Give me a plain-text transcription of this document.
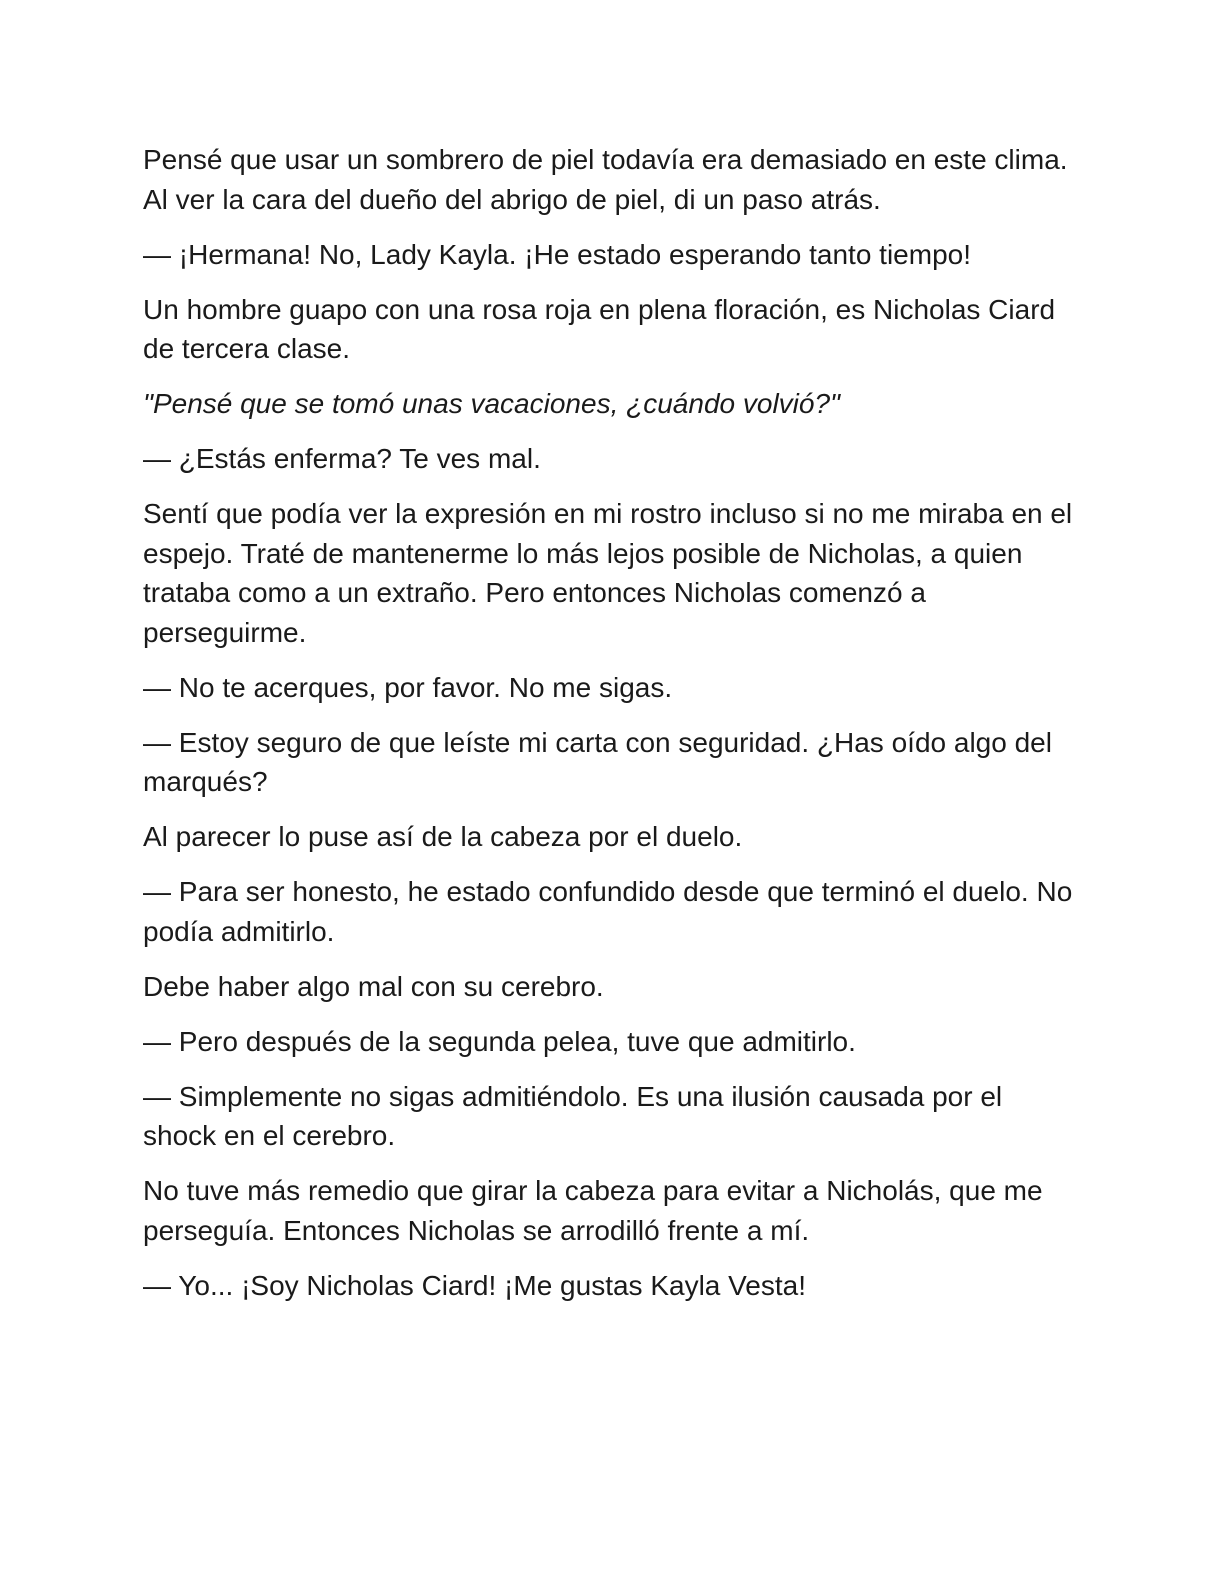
Pensé que usar un sombrero de piel todavía era demasiado en este clima. Al ver la cara del dueño del abrigo de piel, di un paso atrás.

— ¡Hermana! No, Lady Kayla. ¡He estado esperando tanto tiempo!

Un hombre guapo con una rosa roja en plena floración, es Nicholas Ciard de tercera clase.

"Pensé que se tomó unas vacaciones, ¿cuándo volvió?"

— ¿Estás enferma? Te ves mal.

Sentí que podía ver la expresión en mi rostro incluso si no me miraba en el espejo. Traté de mantenerme lo más lejos posible de Nicholas, a quien trataba como a un extraño. Pero entonces Nicholas comenzó a perseguirme.

— No te acerques, por favor. No me sigas.

— Estoy seguro de que leíste mi carta con seguridad. ¿Has oído algo del marqués?

Al parecer lo puse así de la cabeza por el duelo.

— Para ser honesto, he estado confundido desde que terminó el duelo. No podía admitirlo.

Debe haber algo mal con su cerebro.

— Pero después de la segunda pelea, tuve que admitirlo.

— Simplemente no sigas admitiéndolo. Es una ilusión causada por el shock en el cerebro.

No tuve más remedio que girar la cabeza para evitar a Nicholás, que me perseguía. Entonces Nicholas se arrodilló frente a mí.

— Yo... ¡Soy Nicholas Ciard! ¡Me gustas Kayla Vesta!
